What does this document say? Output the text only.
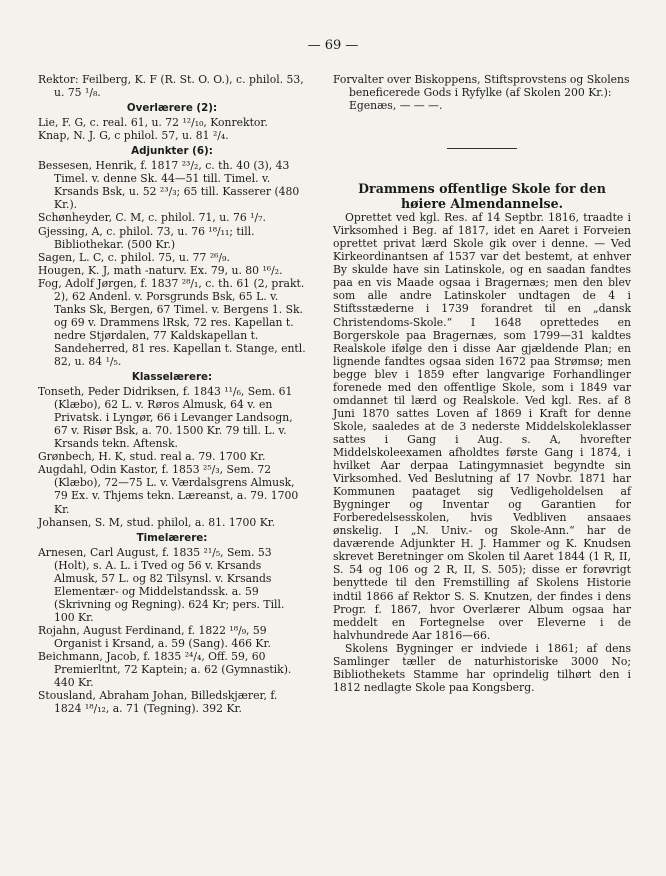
— 69 —

Rektor: Feilberg, K. F (R. St. O. O.), c. philol. 53, u. 75 ¹/₈.

Overlærere (2):

Lie, F. G, c. real. 61, u. 72 ¹²/₁₀, Konrektor.

Knap, N. J. G, c philol. 57, u. 81 ²/₄.

Adjunkter (6):

Bessesen, Henrik, f. 1817 ²³/₂, c. th. 40 (3), 43 Timel. v. denne Sk. 44—51 till. Timel. v. Krsands Bsk, u. 52 ²³/₃; 65 till. Kasserer (480 Kr.).

Schønheyder, C. M, c. philol. 71, u. 76 ¹/₇.

Gjessing, A, c. philol. 73, u. 76 ¹⁸/₁₁; till. Bibliothekar. (500 Kr.)

Sagen, L. C, c. philol. 75, u. 77 ²⁶/₉.

Hougen, K. J, math -naturv. Ex. 79, u. 80 ¹⁶/₂.

Fog, Adolf Jørgen, f. 1837 ²⁸/₁, c. th. 61 (2, prakt. 2), 62 Andenl. v. Porsgrunds Bsk, 65 L. v. Tanks Sk, Bergen, 67 Timel. v. Bergens 1. Sk. og 69 v. Drammens lRsk, 72 res. Kapellan t. nedre Stjørdalen, 77 Kaldskapellan t. Sandeherred, 81 res. Kapellan t. Stange, entl. 82, u. 84 ¹/₅.

Klasselærere:

Tonseth, Peder Didriksen, f. 1843 ¹¹/₆, Sem. 61 (Klæbo), 62 L. v. Røros Almusk, 64 v. en Privatsk. i Lyngør, 66 i Levanger Landsogn, 67 v. Risør Bsk, a. 70. 1500 Kr. 79 till. L. v. Krsands tekn. Aftensk.

Grønbech, H. K, stud. real a. 79. 1700 Kr.

Augdahl, Odin Kastor, f. 1853 ²⁵/₃, Sem. 72 (Klæbo), 72—75 L. v. Værdalsgrens Almusk, 79 Ex. v. Thjems tekn. Læreanst, a. 79. 1700 Kr.

Johansen, S. M, stud. philol, a. 81. 1700 Kr.

Timelærere:

Arnesen, Carl August, f. 1835 ²¹/₅, Sem. 53 (Holt), s. A. L. i Tved og 56 v. Krsands Almusk, 57 L. og 82 Tilsynsl. v. Krsands Elementær- og Middelstandssk. a. 59 (Skrivning og Regning). 624 Kr; pers. Till. 100 Kr.

Rojahn, August Ferdinand, f. 1822 ¹⁸/₉, 59 Organist i Krsand, a. 59 (Sang). 466 Kr.

Beichmann, Jacob, f. 1835 ²⁴/₄, Off. 59, 60 Premierltnt, 72 Kaptein; a. 62 (Gymnastik). 440 Kr.

Stousland, Abraham Johan, Billedskjærer, f. 1824 ¹⁸/₁₂, a. 71 (Tegning). 392 Kr.

Forvalter over Biskoppens, Stiftsprovstens og Skolens beneficerede Gods i Ryfylke (af Skolen 200 Kr.): Egenæs, — — —.

Drammens offentlige Skole for den
høiere Almendannelse.

Oprettet ved kgl. Res. af 14 Septbr. 1816, traadte i Virksomhed i Beg. af 1817, idet en Aaret i Forveien oprettet privat lærd Skole gik over i denne. — Ved Kirkeordinantsen af 1537 var det bestemt, at enhver By skulde have sin Latinskole, og en saadan fandtes paa en vis Maade ogsaa i Bragernæs; men den blev som alle andre Latinskoler undtagen de 4 i Stiftsstæderne i 1739 forandret til en „dansk Christendoms-Skole.“ I 1648 oprettedes en Borgerskole paa Bragernæs, som 1799—31 kaldtes Realskole ifølge den i disse Aar gjældende Plan; en lignende fandtes ogsaa siden 1672 paa Strømsø; men begge blev i 1859 efter langvarige Forhandlinger forenede med den offentlige Skole, som i 1849 var omdannet til lærd og Realskole. Ved kgl. Res. af 8 Juni 1870 sattes Loven af 1869 i Kraft for denne Skole, saaledes at de 3 nederste Middelskoleklasser sattes i Gang i Aug. s. A, hvorefter Middelskoleexamen afholdtes første Gang i 1874, i hvilket Aar derpaa Latingymnasiet begyndte sin Virksomhed. Ved Beslutning af 17 Novbr. 1871 har Kommunen paataget sig Vedligeholdelsen af Bygninger og Inventar og Garantien for Forberedelsesskolen, hvis Vedbliven ansaaes ønskelig. I „N. Univ.- og Skole-Ann.“ har de daværende Adjunkter H. J. Hammer og K. Knudsen skrevet Beretninger om Skolen til Aaret 1844 (1 R, II, S. 54 og 106 og 2 R, II, S. 505); disse er forøvrigt benyttede til den Fremstilling af Skolens Historie indtil 1866 af Rektor S. S. Knutzen, der findes i dens Progr. f. 1867, hvor Overlærer Album ogsaa har meddelt en Fortegnelse over Eleverne i de halvhundrede Aar 1816—66.

Skolens Bygninger er indviede i 1861; af dens Samlinger tæller de naturhistoriske 3000 No; Bibliothekets Stamme har oprindelig tilhørt den i 1812 nedlagte Skole paa Kongsberg.
